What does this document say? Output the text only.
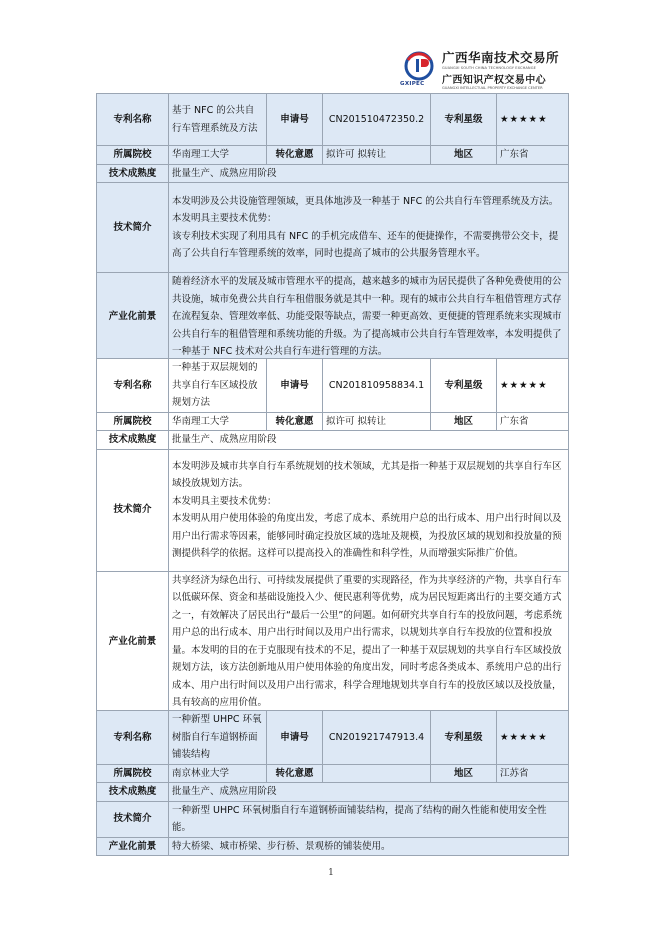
GXIPEC
广西华南技术交易所
GUANGXI SOUTH CHINA TECHNOLOGY EXCHANGE
广西知识产权交易中心
GUANGXI INTELLECTUAL PROPERTY EXCHANGE CENTER
专利名称	基于 NFC 的公共自行车管理系统及方法	申请号	CN201510472350.2	专利星级	★★★★★
所属院校	华南理工大学	转化意愿	拟许可 拟转让	地区	广东省
技术成熟度	批量生产、成熟应用阶段				
技术简介	本发明涉及公共设施管理领域，更具体地涉及一种基于 NFC 的公共自行车管理系统及方法。
本发明具主要技术优势：
该专利技术实现了利用具有 NFC 的手机完成借车、还车的便捷操作，不需要携带公交卡，提高了公共自行车管理系统的效率，同时也提高了城市的公共服务管理水平。				

产业化前景	随着经济水平的发展及城市管理水平的提高，越来越多的城市为居民提供了各种免费使用的公共设施，城市免费公共自行车租借服务就是其中一种。现有的城市公共自行车租借管理方式存在流程复杂、管理效率低、功能受限等缺点，需要一种更高效、更便捷的管理系统来实现城市公共自行车的租借管理和系统功能的升级。为了提高城市公共自行车管理效率，本发明提供了一种基于 NFC 技术对公共自行车进行管理的方法。				
专利名称	一种基于双层规划的共享自行车区域投放规划方法	申请号	CN201810958834.1	专利星级	★★★★★
所属院校	华南理工大学	转化意愿	拟许可 拟转让	地区	广东省
技术成熟度	批量生产、成熟应用阶段				
技术简介	本发明涉及城市共享自行车系统规划的技术领域，尤其是指一种基于双层规划的共享自行车区域投放规划方法。
本发明具主要技术优势：
本发明从用户使用体验的角度出发，考虑了成本、系统用户总的出行成本、用户出行时间以及用户出行需求等因素，能够同时确定投放区域的选址及规模，为投放区域的规划和投放量的预测提供科学的依据。这样可以提高投入的准确性和科学性，从而增强实际推广价值。				

产业化前景	共享经济为绿色出行、可持续发展提供了重要的实现路径，作为共享经济的产物，共享自行车以低碳环保、资金和基础设施投入少、便民惠利等优势，成为居民短距离出行的主要交通方式之一，有效解决了居民出行“最后一公里”的问题。如何研究共享自行车的投放问题，考虑系统用户总的出行成本、用户出行时间以及用户出行需求，以规划共享自行车投放的位置和投放量。本发明的目的在于克服现有技术的不足，提出了一种基于双层规划的共享自行车区域投放规划方法，该方法创新地从用户使用体验的角度出发，同时考虑各类成本、系统用户总的出行成本、用户出行时间以及用户出行需求，科学合理地规划共享自行车的投放区域以及投放量，具有较高的应用价值。				
专利名称	一种新型 UHPC 环氧树脂自行车道钢桥面铺装结构	申请号	CN201921747913.4	专利星级	★★★★★
所属院校	南京林业大学	转化意愿		地区	江苏省
技术成熟度	批量生产、成熟应用阶段				
技术简介	一种新型 UHPC 环氧树脂自行车道钢桥面铺装结构，提高了结构的耐久性能和使用安全性能。				

产业化前景	特大桥梁、城市桥梁、步行桥、景观桥的铺装使用。				
1
